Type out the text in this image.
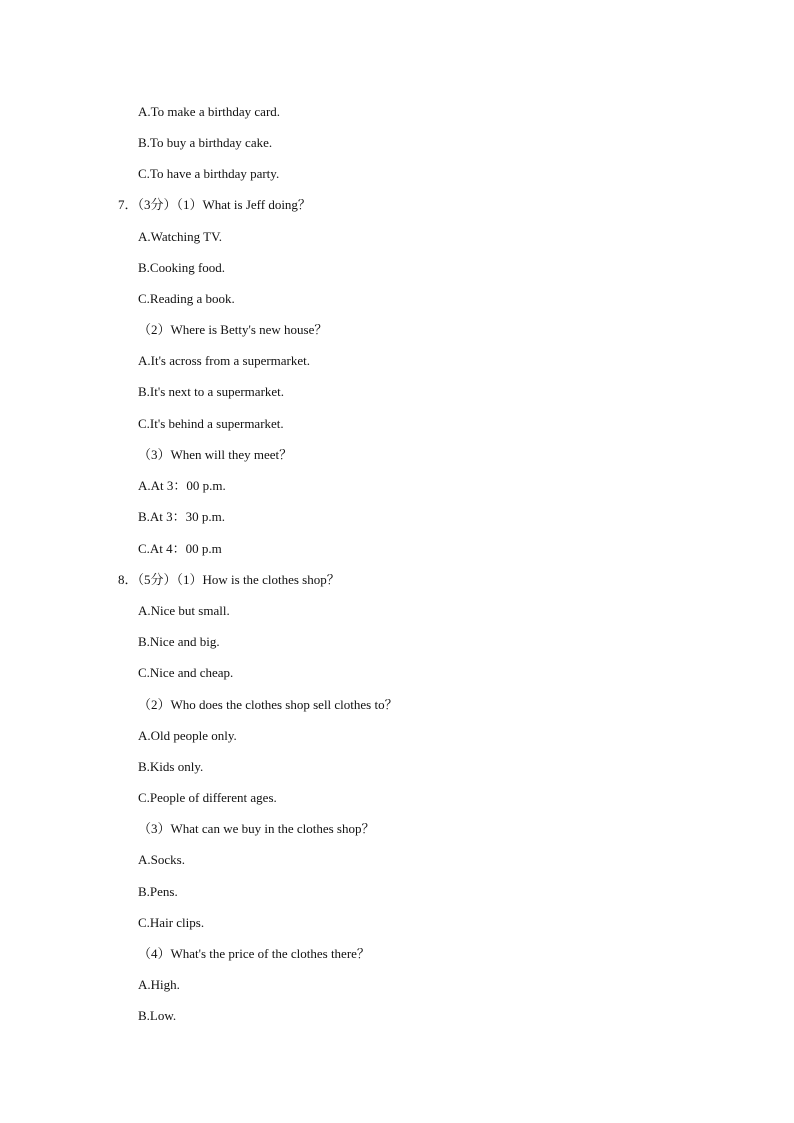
A.To make a birthday card.
B.To buy a birthday cake.
C.To have a birthday party.
7．（3分）（1）What is Jeff doing？
A.Watching TV.
B.Cooking food.
C.Reading a book.
（2）Where is Betty's new house？
A.It's across from a supermarket.
B.It's next to a supermarket.
C.It's behind a supermarket.
（3）When will they meet？
A.At 3：00 p.m.
B.At 3：30 p.m.
C.At 4：00 p.m
8．（5分）（1）How is the clothes shop？
A.Nice but small.
B.Nice and big.
C.Nice and cheap.
（2）Who does the clothes shop sell clothes to？
A.Old people only.
B.Kids only.
C.People of different ages.
（3）What can we buy in the clothes shop？
A.Socks.
B.Pens.
C.Hair clips.
（4）What's the price of the clothes there？
A.High.
B.Low.
